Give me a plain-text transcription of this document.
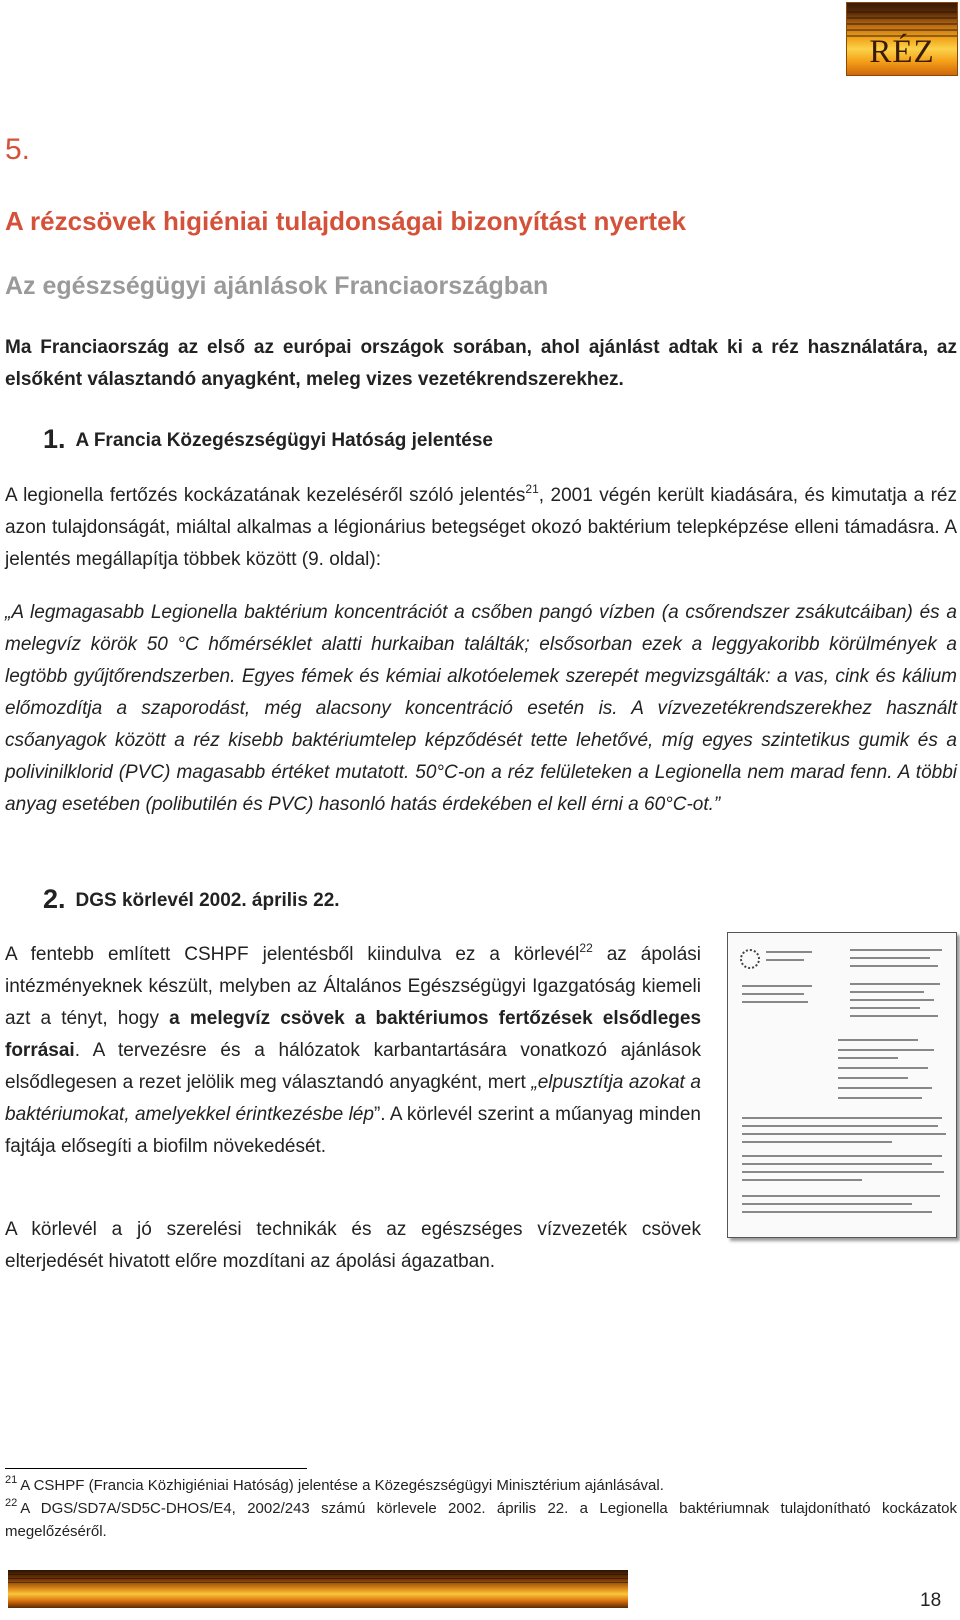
RÉZ
5.
A rézcsövek higiéniai tulajdonságai bizonyítást nyertek
Az egészségügyi ajánlások Franciaországban

Ma Franciaország az első az európai országok sorában, ahol ajánlást adtak ki a réz használatára, az elsőként választandó anyagként, meleg vizes vezetékrendszerekhez.

1. A Francia Közegészségügyi Hatóság jelentése

A legionella fertőzés kockázatának kezeléséről szóló jelentés$^{21}$, 2001 végén került kiadására, és kimutatja a réz azon tulajdonságát, miáltal alkalmas a légionárius betegséget okozó baktérium telepképzése elleni támadásra. A jelentés megállapítja többek között (9. oldal):

„A legmagasabb Legionella baktérium koncentrációt a csőben pangó vízben (a csőrendszer zsákutcáiban) és a melegvíz körök 50 °C hőmérséklet alatti hurkaiban találták; elsősorban ezek a leggyakoribb körülmények a legtöbb gyűjtőrendszerben. Egyes fémek és kémiai alkotóelemek szerepét megvizsgálták: a vas, cink és kálium előmozdítja a szaporodást, még alacsony koncentráció esetén is. A vízvezetékrendszerekhez használt csőanyagok között a réz kisebb baktériumtelep képződését tette lehetővé, míg egyes szintetikus gumik és a polivinilklorid (PVC) magasabb értéket mutatott. 50°C-on a réz felületeken a Legionella nem marad fenn. A többi anyag esetében (polibutilén és PVC) hasonló hatás érdekében el kell érni a 60°C-ot.”

2. DGS körlevél 2002. április 22.

A fentebb említett CSHPF jelentésből kiindulva ez a körlevél$^{22}$ az ápolási intézményeknek készült, melyben az Általános Egészségügyi Igazgatóság kiemeli azt a tényt, hogy a melegvíz csövek a baktériumos fertőzések elsődleges forrásai. A tervezésre és a hálózatok karbantartására vonatkozó ajánlások elsődlegesen a rezet jelölik meg választandó anyagként, mert „elpusztítja azokat a baktériumokat, amelyekkel érintkezésbe lép”. A körlevél szerint a műanyag minden fajtája elősegíti a biofilm növekedését.

A körlevél a jó szerelési technikák és az egészséges vízvezeték csövek elterjedését hivatott előre mozdítani az ápolási ágazatban.

$^{21}$ A CSHPF (Francia Közhigiéniai Hatóság) jelentése a Közegészségügyi Minisztérium ajánlásával.

$^{22}$ A DGS/SD7A/SD5C-DHOS/E4, 2002/243 számú körlevele 2002. április 22. a Legionella baktériumnak tulajdonítható kockázatok megelőzéséről.

18
